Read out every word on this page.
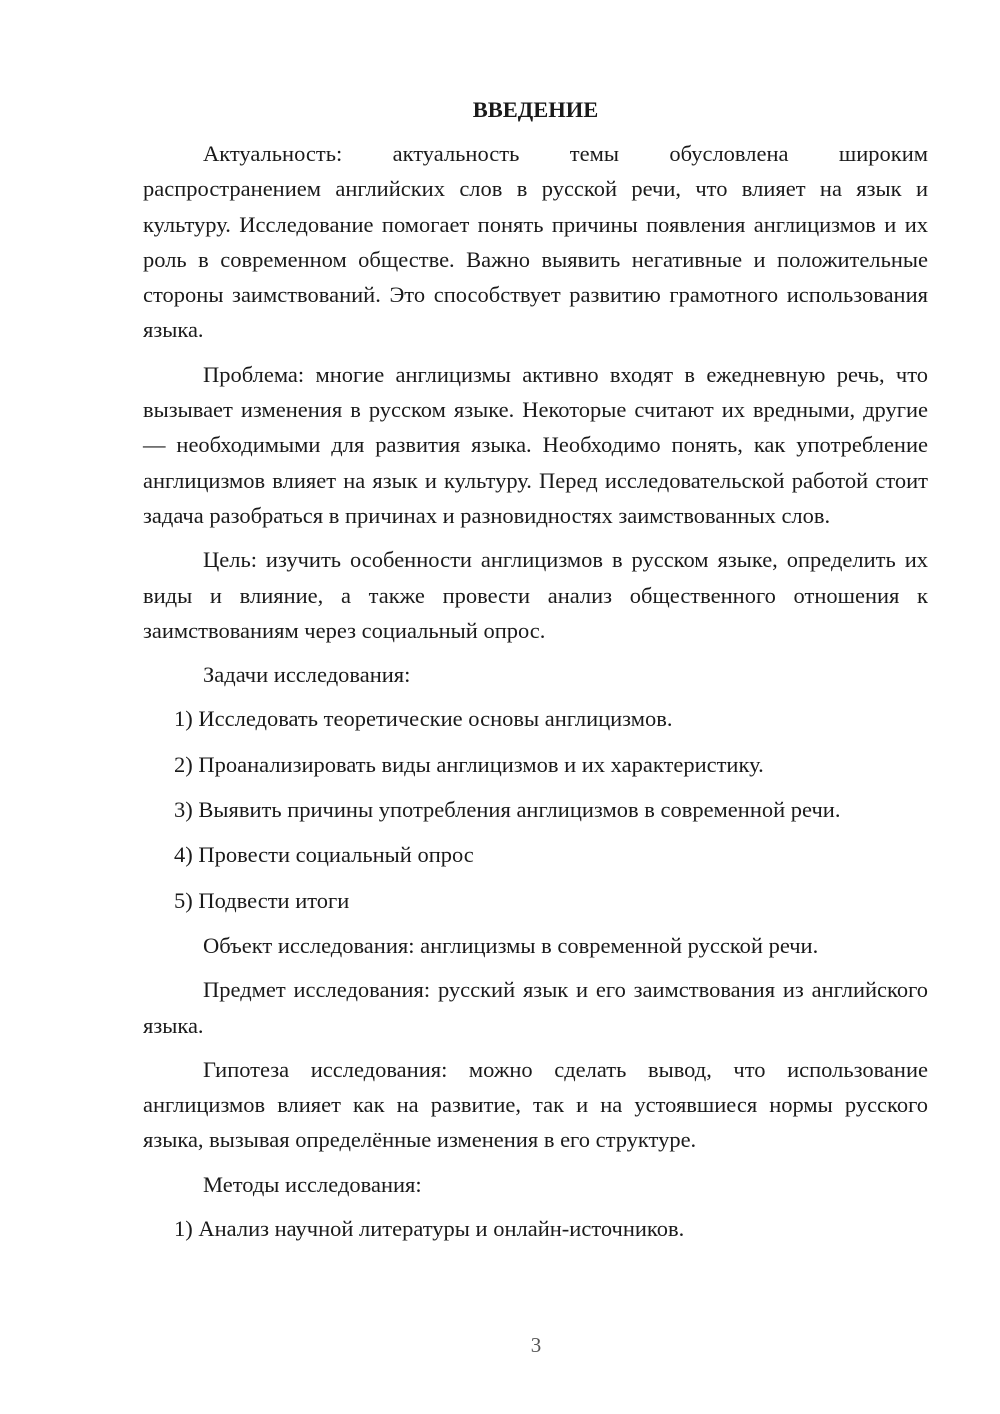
ВВЕДЕНИЕ

Актуальность: актуальность темы обусловлена широким распространением английских слов в русской речи, что влияет на язык и культуру. Исследование помогает понять причины появления англицизмов и их роль в современном обществе. Важно выявить негативные и положительные стороны заимствований. Это способствует развитию грамотного использования языка.

Проблема: многие англицизмы активно входят в ежедневную речь, что вызывает изменения в русском языке. Некоторые считают их вредными, другие — необходимыми для развития языка. Необходимо понять, как употребление англицизмов влияет на язык и культуру. Перед исследовательской работой стоит задача разобраться в причинах и разновидностях заимствованных слов.

Цель: изучить особенности англицизмов в русском языке, определить их виды и влияние, а также провести анализ общественного отношения к заимствованиям через социальный опрос.

Задачи исследования:

1) Исследовать теоретические основы англицизмов.
2) Проанализировать виды англицизмов и их характеристику.
3) Выявить причины употребления англицизмов в современной речи.
4) Провести социальный опрос
5) Подвести итоги

Объект исследования: англицизмы в современной русской речи.

Предмет исследования: русский язык и его заимствования из английского языка.

Гипотеза исследования: можно сделать вывод, что использование англицизмов влияет как на развитие, так и на устоявшиеся нормы русского языка, вызывая определённые изменения в его структуре.

Методы исследования:

1) Анализ научной литературы и онлайн-источников.
3
